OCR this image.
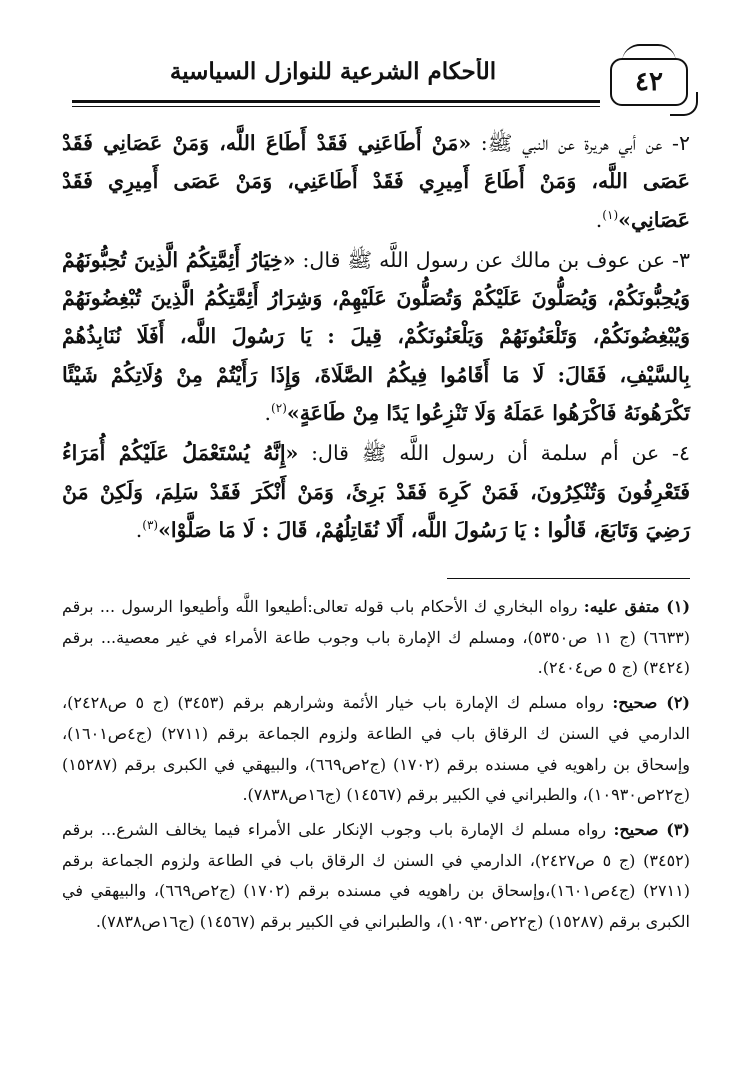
٤٢
الأحكام الشرعية للنوازل السياسية

٢- عن أبي هريرة عن النبي ﷺ: «مَنْ أَطَاعَنِي فَقَدْ أَطَاعَ اللَّه، وَمَنْ عَصَانِي فَقَدْ عَصَى اللَّه، وَمَنْ أَطَاعَ أَمِيرِي فَقَدْ أَطَاعَنِي، وَمَنْ عَصَى أَمِيرِي فَقَدْ عَصَانِي»$^{(١)}$.

٣- عن عوف بن مالك عن رسول اللَّه ﷺ قال: «خِيَارُ أَئِمَّتِكُمُ الَّذِينَ تُحِبُّونَهُمْ وَيُحِبُّونَكُمْ، وَيُصَلُّونَ عَلَيْكُمْ وَتُصَلُّونَ عَلَيْهِمْ، وَشِرَارُ أَئِمَّتِكُمُ الَّذِينَ تُبْغِضُونَهُمْ وَيُبْغِضُونَكُمْ، وَتَلْعَنُونَهُمْ وَيَلْعَنُونَكُمْ، قِيلَ : يَا رَسُولَ اللَّه، أَفَلَا نُنَابِذُهُمْ بِالسَّيْفِ، فَقَالَ: لَا مَا أَقَامُوا فِيكُمُ الصَّلَاةَ، وَإِذَا رَأَيْتُمْ مِنْ وُلَاتِكُمْ شَيْئًا تَكْرَهُونَهُ فَاكْرَهُوا عَمَلَهُ وَلَا تَنْزِعُوا يَدًا مِنْ طَاعَةٍ»$^{(٢)}$.

٤- عن أم سلمة أن رسول اللَّه ﷺ قال: «إِنَّهُ يُسْتَعْمَلُ عَلَيْكُمْ أُمَرَاءُ فَتَعْرِفُونَ وَتُنْكِرُونَ، فَمَنْ كَرِهَ فَقَدْ بَرِئَ، وَمَنْ أَنْكَرَ فَقَدْ سَلِمَ، وَلَكِنْ مَنْ رَضِيَ وَتَابَعَ، قَالُوا : يَا رَسُولَ اللَّه، أَلَا نُقَاتِلُهُمْ، قَالَ : لَا مَا صَلَّوْا»$^{(٣)}$.

(١) متفق عليه: رواه البخاري ك الأحكام باب قوله تعالى:أطيعوا اللَّه وأطيعوا الرسول ... برقم (٦٦٣٣) (ج ١١ ص٥٣٥٠)، ومسلم ك الإمارة باب وجوب طاعة الأمراء في غير معصية... برقم (٣٤٢٤) (ج ٥ ص٢٤٠٤).

(٢) صحيح: رواه مسلم ك الإمارة باب خيار الأئمة وشرارهم برقم (٣٤٥٣) (ج ٥ ص٢٤٢٨)، الدارمي في السنن ك الرقاق باب في الطاعة ولزوم الجماعة برقم (٢٧١١) (ج٤ص١٦٠١)، وإسحاق بن راهويه في مسنده برقم (١٧٠٢) (ج٢ص٦٦٩)، والبيهقي في الكبرى برقم (١٥٢٨٧) (ج٢٢ص١٠٩٣٠)، والطبراني في الكبير برقم (١٤٥٦٧) (ج١٦ص٧٨٣٨).

(٣) صحيح: رواه مسلم ك الإمارة باب وجوب الإنكار على الأمراء فيما يخالف الشرع... برقم (٣٤٥٢) (ج ٥ ص٢٤٢٧)، الدارمي في السنن ك الرقاق باب في الطاعة ولزوم الجماعة برقم (٢٧١١) (ج٤ص١٦٠١)،وإسحاق بن راهويه في مسنده برقم (١٧٠٢) (ج٢ص٦٦٩)، والبيهقي في الكبرى برقم (١٥٢٨٧) (ج٢٢ص١٠٩٣٠)، والطبراني في الكبير برقم (١٤٥٦٧) (ج١٦ص٧٨٣٨).
